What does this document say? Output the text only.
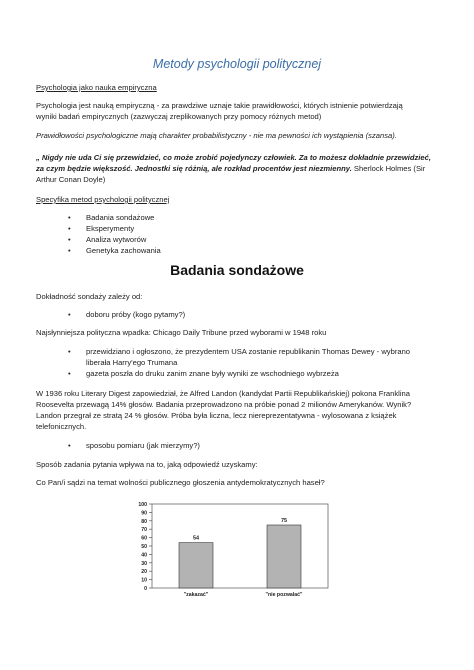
Metody psychologii politycznej
Psychologia jako nauka empiryczna
Psychologia jest nauką empiryczną - za prawdziwe uznaje takie prawidłowości, których istnienie potwierdzają
wyniki badań empirycznych (zazwyczaj zreplikowanych przy pomocy różnych metod)
Prawidłowości psychologiczne mają charakter probabilistyczny - nie ma pewności ich wystąpienia (szansa).
„ Nigdy nie uda Ci się przewidzieć, co może zrobić pojedynczy człowiek. Za to możesz dokładnie przewidzieć,
za czym będzie większość. Jednostki się różnią, ale rozkład procentów jest niezmienny. Sherlock Holmes (Sir
Arthur Conan Doyle)
Specyfika metod psychologii politycznej
• Badania sondażowe
• Eksperymenty
• Analiza wytworów
• Genetyka zachowania
Badania sondażowe
Dokładność sondaży zależy od:
• doboru próby (kogo pytamy?)
Najsłynniejsza polityczna wpadka: Chicago Daily Tribune przed wyborami w 1948 roku
• przewidziano i ogłoszono, że prezydentem USA zostanie republikanin Thomas Dewey - wybrano
liberała Harry'ego Trumana
• gazeta poszła do druku zanim znane były wyniki ze wschodniego wybrzeża
W 1936 roku Literary Digest zapowiedział, że Alfred Landon (kandydat Partii Republikańskiej) pokona Franklina
Roosevelta przewagą 14% głosów. Badania przeprowadzono na próbie ponad 2 milionów Amerykanów. Wynik?
Landon przegrał ze stratą 24 % głosów. Próba była liczna, lecz niereprezentatywna - wylosowana z książek
telefonicznych.
• sposobu pomiaru (jak mierzymy?)
Sposób zadania pytania wpływa na to, jaką odpowiedź uzyskamy:
Co Pan/i sądzi na temat wolności publicznego głoszenia antydemokratycznych haseł?
0
10
20
30
40
50
60
70
80
90
100
54
"zakazać"
75
"nie pozwalać"
